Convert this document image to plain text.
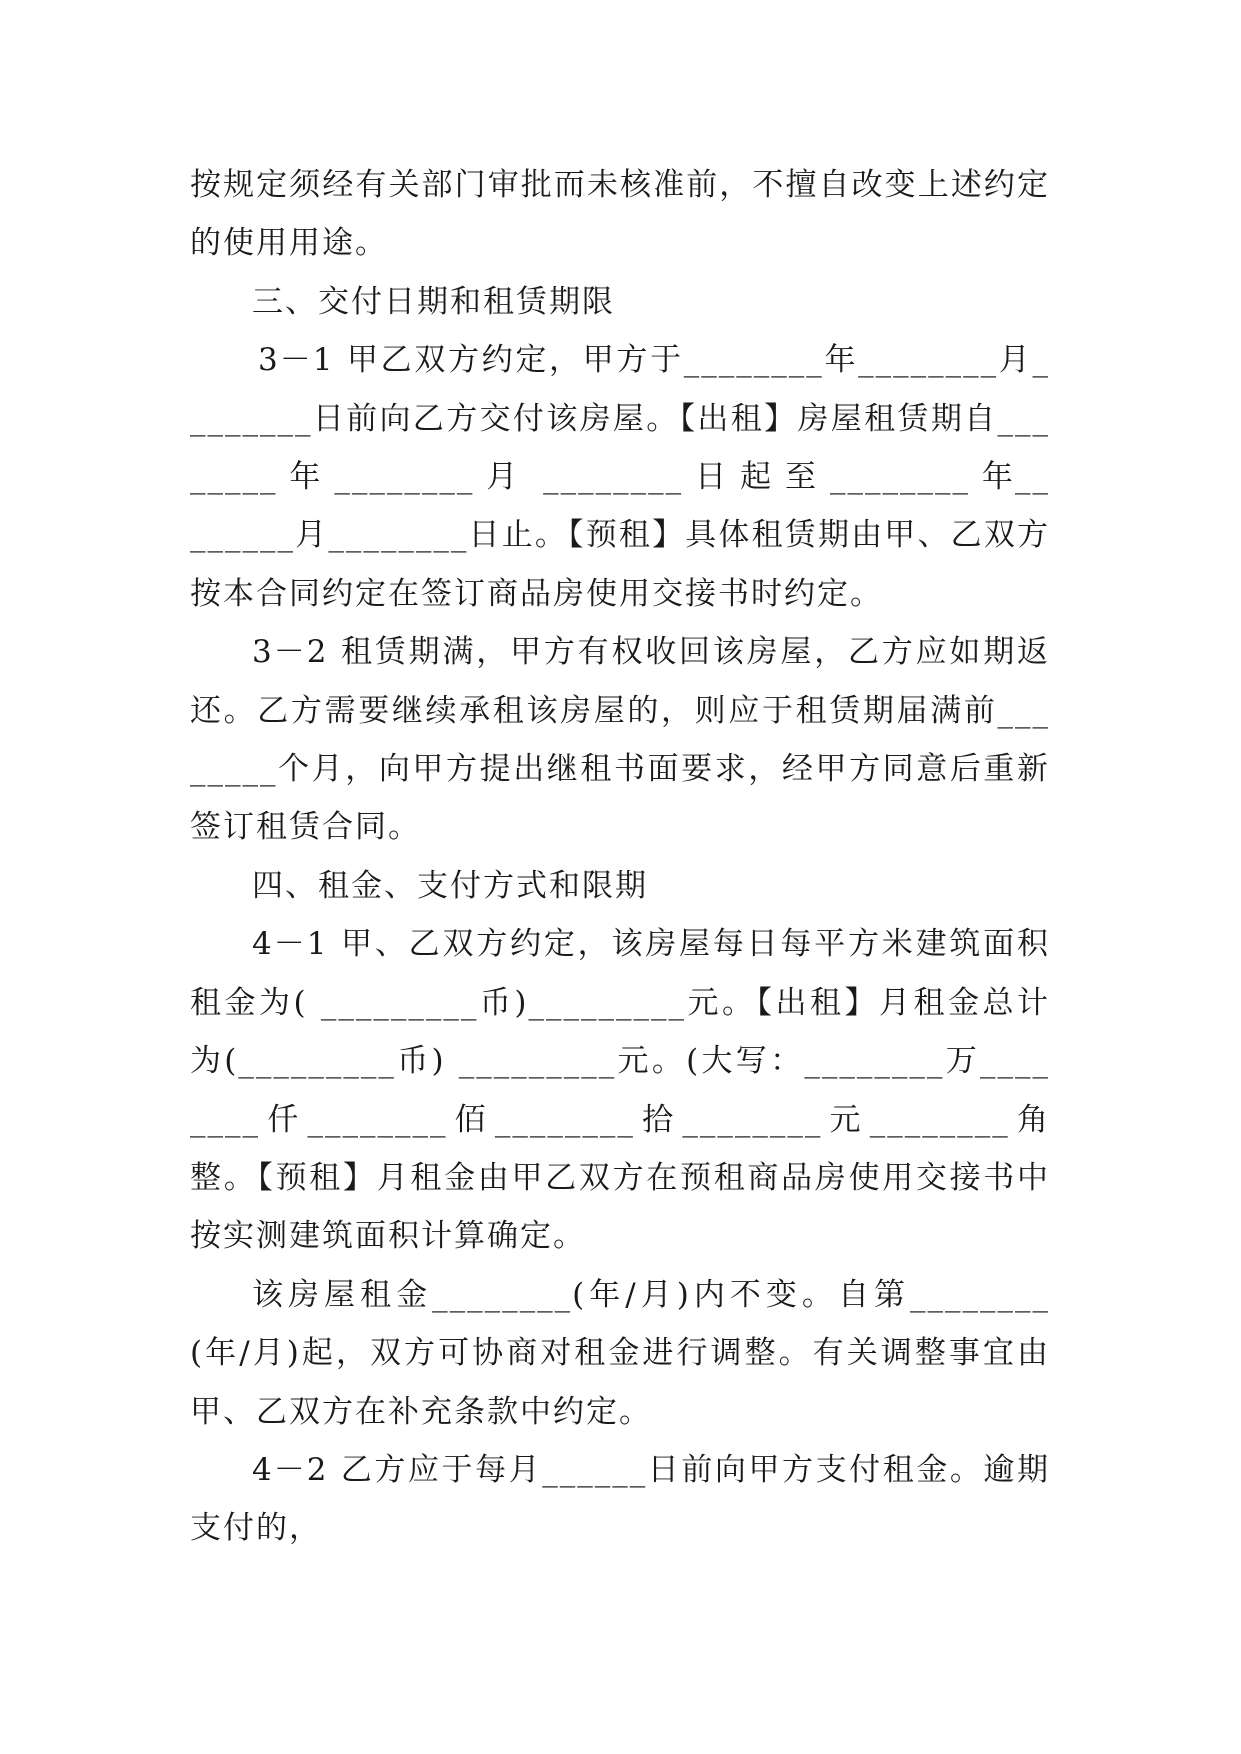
按规定须经有关部门审批而未核准前，不擅自改变上述约定的使用用途。

三、交付日期和租赁期限

3－1 甲乙双方约定，甲方于________年________月________日前向乙方交付该房屋。【出租】房屋租赁期自________ 年 ________ 月  ________ 日 起 至 ________ 年________月________日止。【预租】具体租赁期由甲、乙双方按本合同约定在签订商品房使用交接书时约定。

3－2 租赁期满，甲方有权收回该房屋，乙方应如期返还。乙方需要继续承租该房屋的，则应于租赁期届满前________个月，向甲方提出继租书面要求，经甲方同意后重新签订租赁合同。

四、租金、支付方式和限期

4－1 甲、乙双方约定，该房屋每日每平方米建筑面积租金为( _________币)_________元。【出租】月租金总计为(_________币) _________元。(大写：________万________仟________佰________拾________元________角整。【预租】月租金由甲乙双方在预租商品房使用交接书中按实测建筑面积计算确定。

该房屋租金________(年/月)内不变。自第________(年/月)起，双方可协商对租金进行调整。有关调整事宜由甲、乙双方在补充条款中约定。

4－2 乙方应于每月______日前向甲方支付租金。逾期支付的，
